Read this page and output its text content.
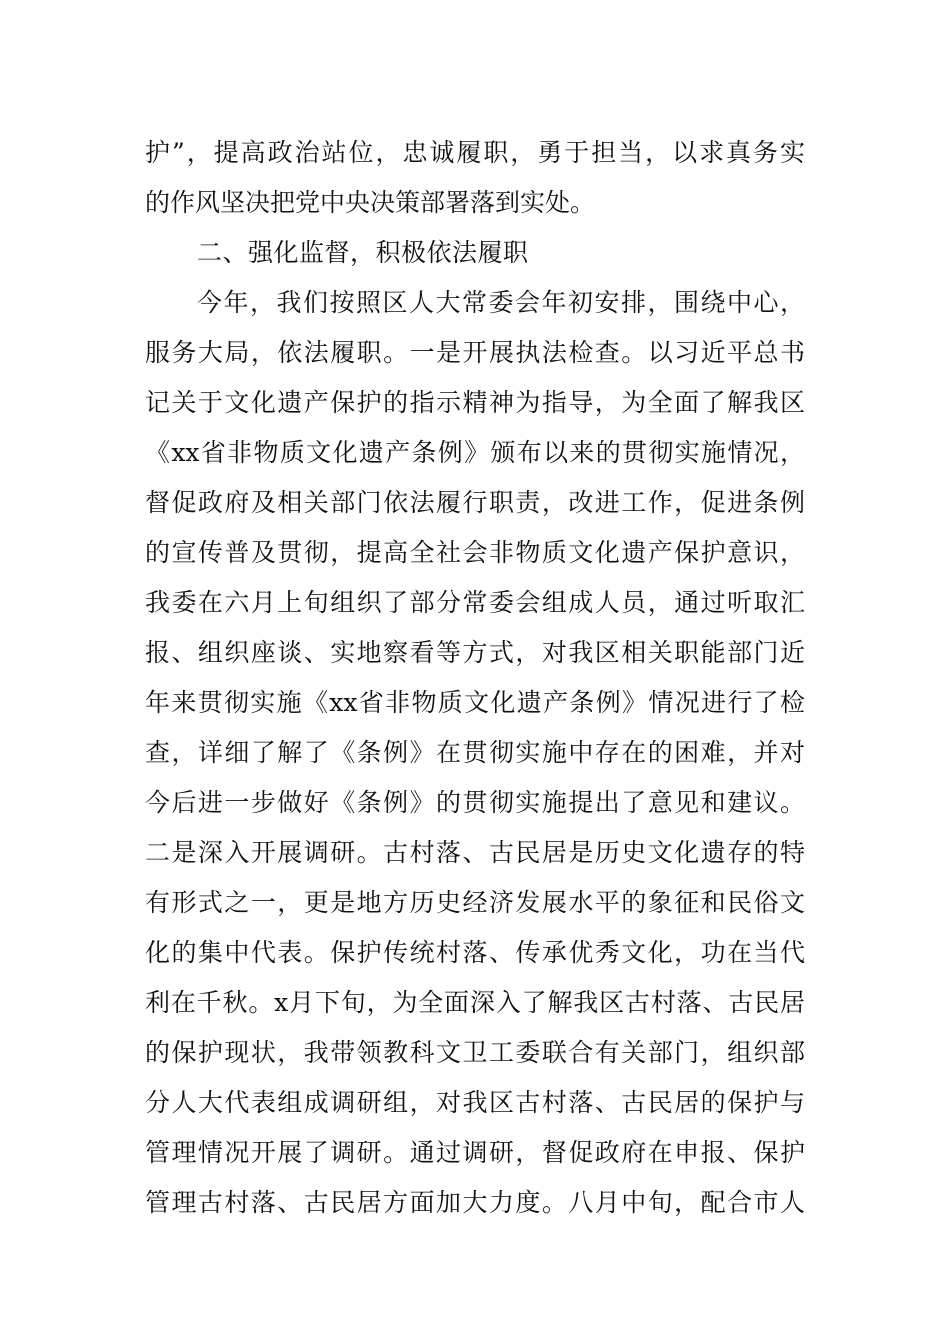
护”，提高政治站位，忠诚履职，勇于担当，以求真务实
的作风坚决把党中央决策部署落到实处。
二、强化监督，积极依法履职
今年，我们按照区人大常委会年初安排，围绕中心，
服务大局，依法履职。一是开展执法检查。以习近平总书
记关于文化遗产保护的指示精神为指导，为全面了解我区
《xx省非物质文化遗产条例》颁布以来的贯彻实施情况，
督促政府及相关部门依法履行职责，改进工作，促进条例
的宣传普及贯彻，提高全社会非物质文化遗产保护意识，
我委在六月上旬组织了部分常委会组成人员，通过听取汇
报、组织座谈、实地察看等方式，对我区相关职能部门近
年来贯彻实施《xx省非物质文化遗产条例》情况进行了检
查，详细了解了《条例》在贯彻实施中存在的困难，并对
今后进一步做好《条例》的贯彻实施提出了意见和建议。
二是深入开展调研。古村落、古民居是历史文化遗存的特
有形式之一，更是地方历史经济发展水平的象征和民俗文
化的集中代表。保护传统村落、传承优秀文化，功在当代
利在千秋。x月下旬，为全面深入了解我区古村落、古民居
的保护现状，我带领教科文卫工委联合有关部门，组织部
分人大代表组成调研组，对我区古村落、古民居的保护与
管理情况开展了调研。通过调研，督促政府在申报、保护
管理古村落、古民居方面加大力度。八月中旬，配合市人
